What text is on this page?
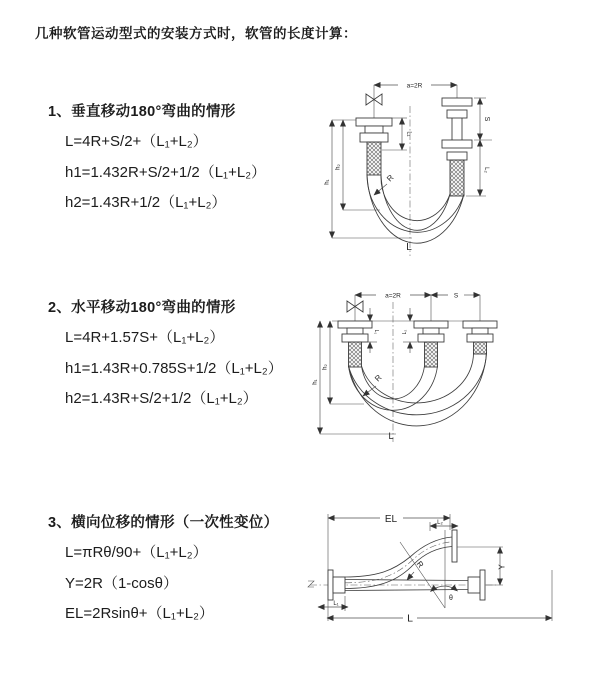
几种软管运动型式的安装方式时，软管的长度计算：
1、垂直移动180°弯曲的情形

L=4R+S/2+（L₁+L₂）

h1=1.432R+S/2+1/2（L₁+L₂）

h2=1.43R+1/2（L₁+L₂）

2、水平移动180°弯曲的情形

L=4R+1.57S+（L₁+L₂）

h1=1.43R+0.785S+1/2（L₁+L₂）

h2=1.43R+S/2+1/2（L₁+L₂）

3、横向位移的情形（一次性变位）

L=πRθ/90+（L₁+L₂）

Y=2R（1-cosθ）

EL=2Rsinθ+（L₁+L₂）

a=2R
L₁
S
L₂
h₁
h₂
R
L
a=2R	S
L₁	L₂
h₁
h₂
R
L
EL	L₂
Y
R
θ
L
L₁
